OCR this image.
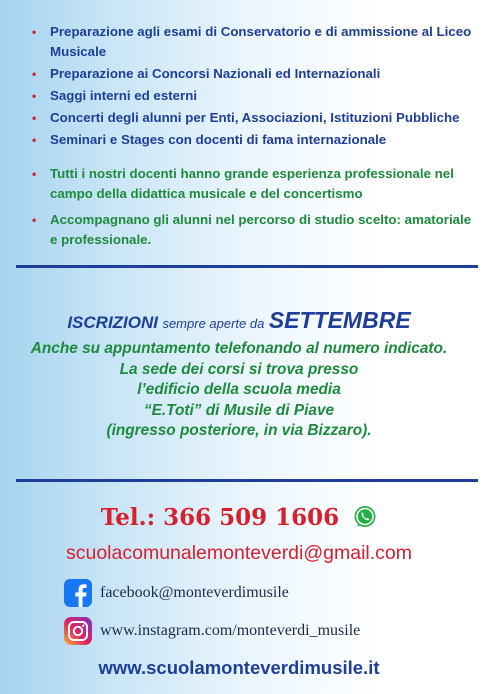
• Preparazione agli esami di Conservatorio e di ammissione al Liceo Musicale
• Preparazione ai Concorsi Nazionali ed Internazionali
• Saggi interni ed esterni
• Concerti degli alunni per Enti, Associazioni, Istituzioni Pubbliche
• Seminari e Stages con docenti di fama internazionale
• Tutti i nostri docenti hanno grande esperienza professionale nel campo della didattica musicale e del concertismo
• Accompagnano gli alunni nel percorso di studio scelto: amatoriale e professionale.
ISCRIZIONI sempre aperte da SETTEMBRE
Anche su appuntamento telefonando al numero indicato.
La sede dei corsi si trova presso
l’edificio della scuola media
“E.Toti” di Musile di Piave
(ingresso posteriore, in via Bizzaro).
Tel.: 366 509 1606
scuolacomunalemonteverdi@gmail.com
facebook@monteverdimusile
www.instagram.com/monteverdi_musile
www.scuolamonteverdimusile.it
